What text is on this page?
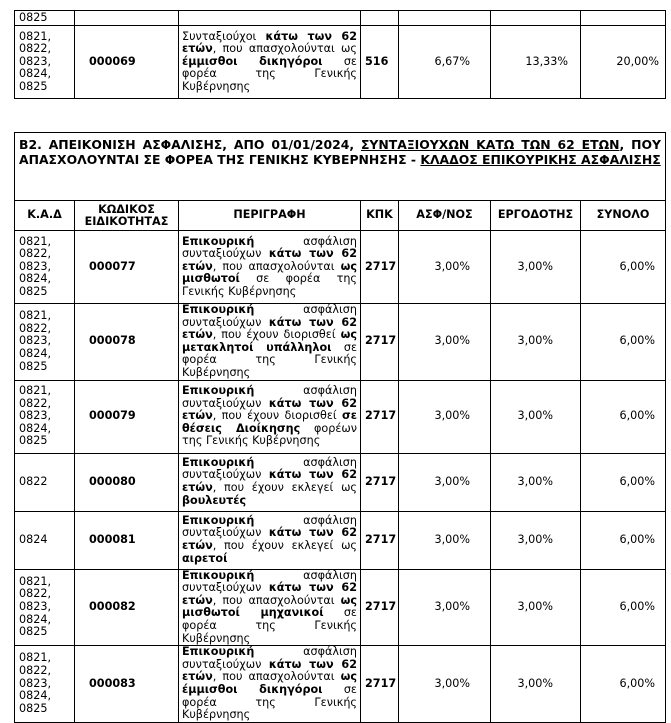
0825						
0821,
0822,
0823,
0824,
0825	000069	Συνταξιούχοι κάτω των 62 ετών, που απασχολούνται ως έμμισθοι δικηγόροι σε φορέα της Γενικής Κυβέρνησης	516	6,67%	13,33%	20,00%
Β2. ΑΠΕΙΚΟΝΙΣΗ ΑΣΦΑΛΙΣΗΣ, ΑΠΟ 01/01/2024, ΣΥΝΤΑΞΙΟΥΧΩΝ ΚΑΤΩ ΤΩΝ 62 ΕΤΩΝ, ΠΟΥ ΑΠΑΣΧΟΛΟΥΝΤΑΙ ΣΕ ΦΟΡΕΑ ΤΗΣ ΓΕΝΙΚΗΣ ΚΥΒΕΡΝΗΣΗΣ - ΚΛΑΔΟΣ ΕΠΙΚΟΥΡΙΚΗΣ ΑΣΦΑΛΙΣΗΣ						
Κ.Α.Δ	ΚΩΔΙΚΟΣ ΕΙΔΙΚΟΤΗΤΑΣ	ΠΕΡΙΓΡΑΦΗ	ΚΠΚ	ΑΣΦ/ΝΟΣ	ΕΡΓΟΔΟΤΗΣ	ΣΥΝΟΛΟ
0821,
0822,
0823,
0824,
0825	000077	Επικουρική ασφάλιση συνταξιούχων κάτω των 62 ετών, που απασχολούνται ως μισθωτοί σε φορέα της Γενικής Κυβέρνησης	2717	3,00%	3,00%	6,00%
0821,
0822,
0823,
0824,
0825	000078	Επικουρική ασφάλιση συνταξιούχων κάτω των 62 ετών, που έχουν διορισθεί ως μετακλητοί υπάλληλοι σε φορέα της Γενικής Κυβέρνησης	2717	3,00%	3,00%	6,00%
0821,
0822,
0823,
0824,
0825	000079	Επικουρική ασφάλιση συνταξιούχων κάτω των 62 ετών, που έχουν διορισθεί σε θέσεις Διοίκησης φορέων της Γενικής Κυβέρνησης	2717	3,00%	3,00%	6,00%
0822	000080	Επικουρική ασφάλιση συνταξιούχων κάτω των 62 ετών, που έχουν εκλεγεί ως βουλευτές	2717	3,00%	3,00%	6,00%
0824	000081	Επικουρική ασφάλιση συνταξιούχων κάτω των 62 ετών, που έχουν εκλεγεί ως αιρετοί	2717	3,00%	3,00%	6,00%
0821,
0822,
0823,
0824,
0825	000082	Επικουρική ασφάλιση συνταξιούχων κάτω των 62 ετών, που απασχολούνται ως μισθωτοί μηχανικοί σε φορέα της Γενικής Κυβέρνησης	2717	3,00%	3,00%	6,00%
0821,
0822,
0823,
0824,
0825	000083	Επικουρική ασφάλιση συνταξιούχων κάτω των 62 ετών, που απασχολούνται ως έμμισθοι δικηγόροι σε φορέα της Γενικής Κυβέρνησης	2717	3,00%	3,00%	6,00%
